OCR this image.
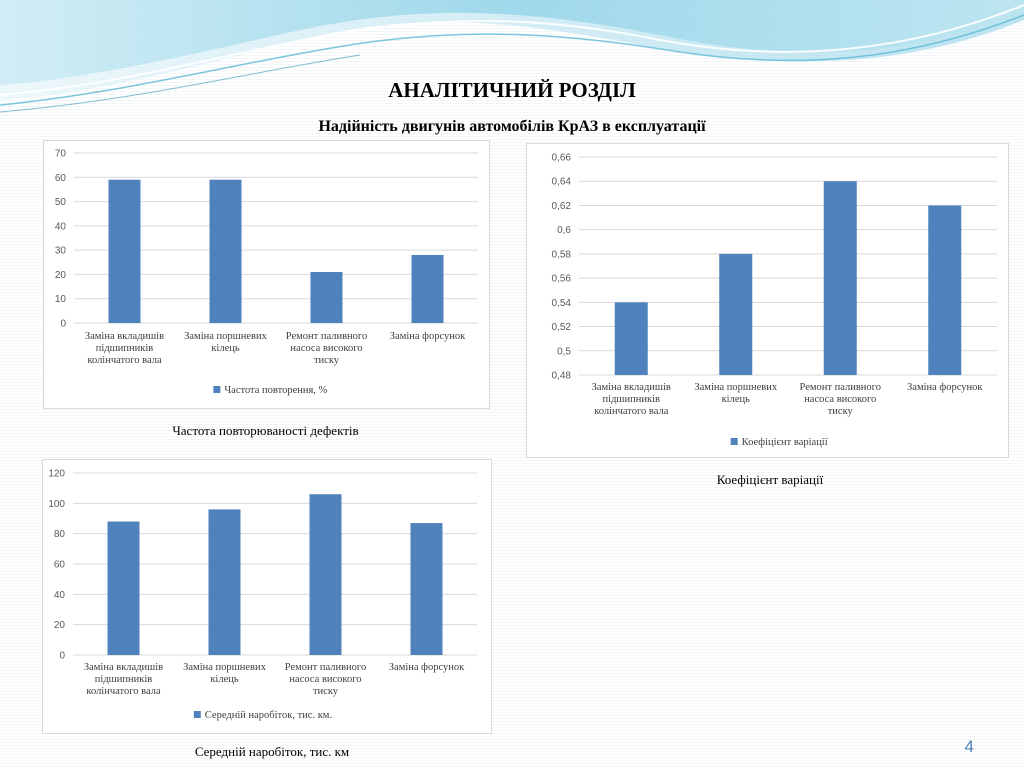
АНАЛІТИЧНИЙ РОЗДІЛ
Надійність двигунів автомобілів КрАЗ в експлуатації
0
10
20
30
40
50
60
70
Заміна вкладишів підшипників колінчатого вала
Заміна поршневих кілець
Ремонт паливного насоса високого тиску
Заміна форсунок
Частота повторення, %
Частота повторюваності дефектів
0,48
0,5
0,52
0,54
0,56
0,58
0,6
0,62
0,64
0,66
Заміна вкладишів підшипників колінчатого вала
Заміна поршневих кілець
Ремонт паливного насоса високого тиску
Заміна форсунок
Коефіцієнт варіації
Коефіцієнт варіації
0
20
40
60
80
100
120
Заміна вкладишів підшипників колінчатого вала
Заміна поршневих кілець
Ремонт паливного насоса високого тиску
Заміна форсунок
Середній наробіток, тис. км.
Середній наробіток, тис. км	4
